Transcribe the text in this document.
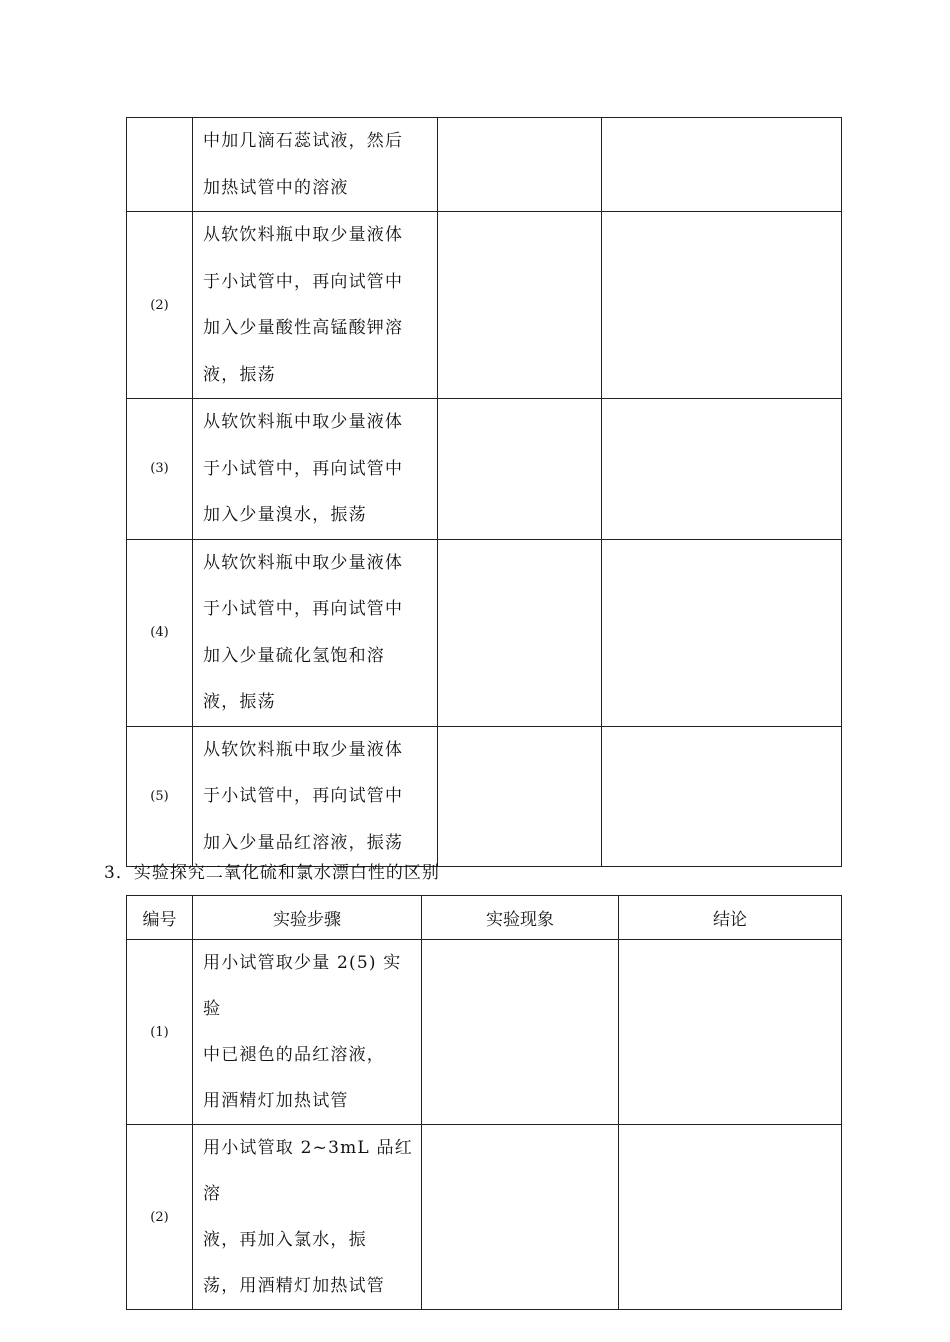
	中加几滴石蕊试液，然后
加热试管中的溶液		

(2)	从软饮料瓶中取少量液体
于小试管中，再向试管中
加入少量酸性高锰酸钾溶
液，振荡		

(3)	从软饮料瓶中取少量液体
于小试管中，再向试管中
加入少量溴水，振荡		

(4)	从软饮料瓶中取少量液体
于小试管中，再向试管中
加入少量硫化氢饱和溶
液，振荡		

(5)	从软饮料瓶中取少量液体
于小试管中，再向试管中
加入少量品红溶液，振荡		

3．实验探究二氧化硫和氯水漂白性的区别
编号	实验步骤	实验现象	结论
(1)	用小试管取少量 2(5) 实验
中已褪色的品红溶液，
用酒精灯加热试管		

(2)	用小试管取 2~3mL 品红溶
液，再加入氯水，振
荡，用酒精灯加热试管		
